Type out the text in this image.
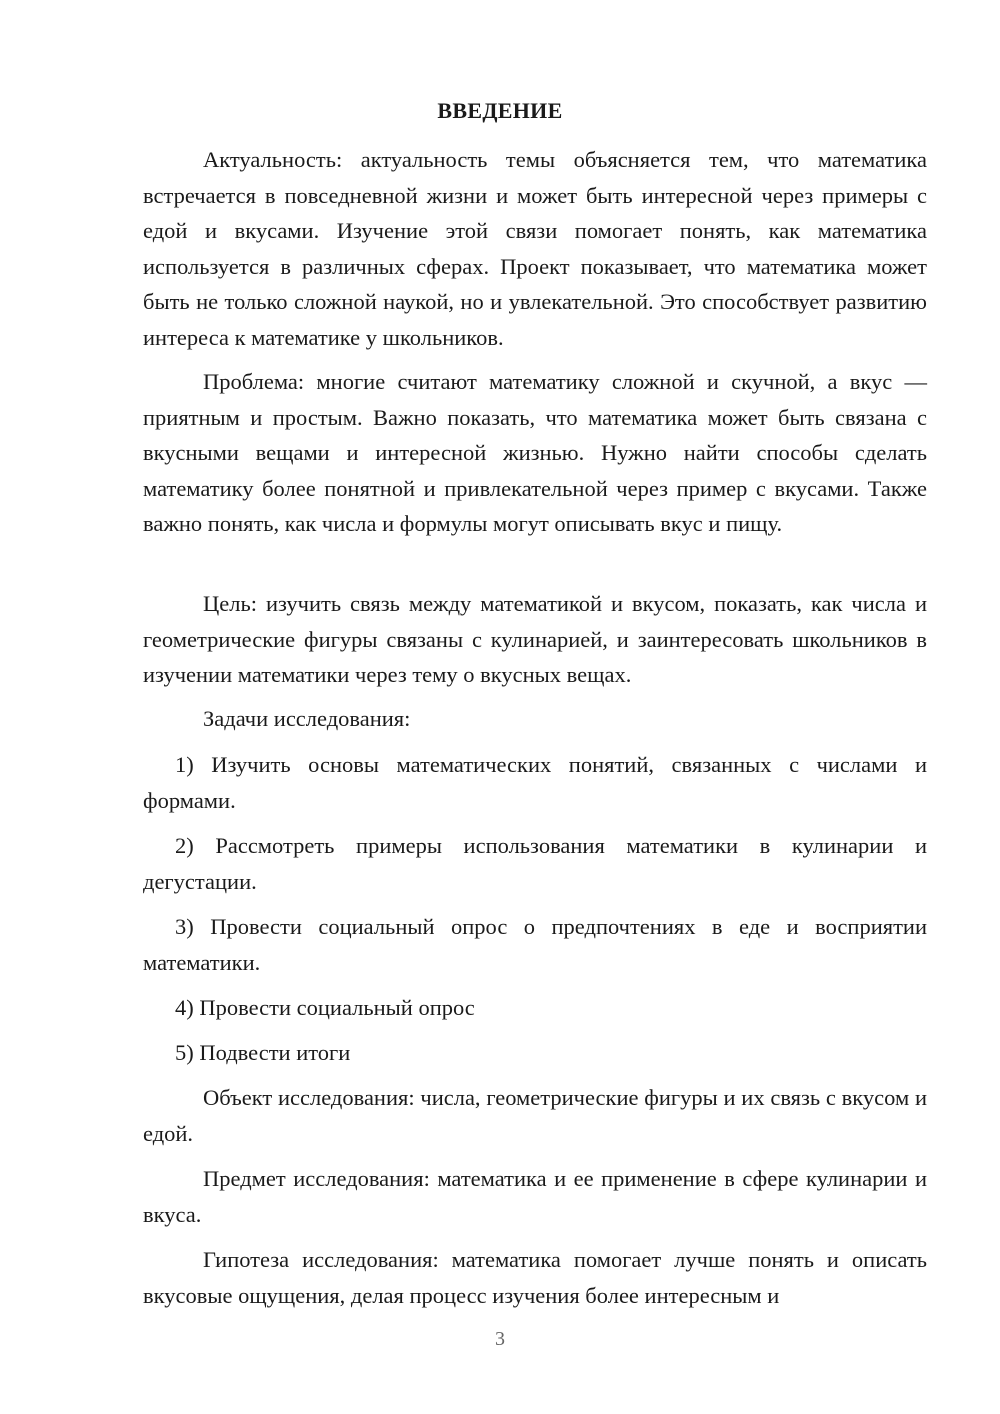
ВВЕДЕНИЕ

Актуальность: актуальность темы объясняется тем, что математика встречается в повседневной жизни и может быть интересной через примеры с едой и вкусами. Изучение этой связи помогает понять, как математика используется в различных сферах. Проект показывает, что математика может быть не только сложной наукой, но и увлекательной. Это способствует развитию интереса к математике у школьников.

Проблема: многие считают математику сложной и скучной, а вкус — приятным и простым. Важно показать, что математика может быть связана с вкусными вещами и интересной жизнью. Нужно найти способы сделать математику более понятной и привлекательной через пример с вкусами. Также важно понять, как числа и формулы могут описывать вкус и пищу.

Цель: изучить связь между математикой и вкусом, показать, как числа и геометрические фигуры связаны с кулинарией, и заинтересовать школьников в изучении математики через тему о вкусных вещах.

Задачи исследования:

1) Изучить основы математических понятий, связанных с числами и формами.

2) Рассмотреть примеры использования математики в кулинарии и дегустации.

3) Провести социальный опрос о предпочтениях в еде и восприятии математики.

4) Провести социальный опрос

5) Подвести итоги

Объект исследования: числа, геометрические фигуры и их связь с вкусом и едой.

Предмет исследования: математика и ее применение в сфере кулинарии и вкуса.

Гипотеза исследования: математика помогает лучше понять и описать вкусовые ощущения, делая процесс изучения более интересным и

3
